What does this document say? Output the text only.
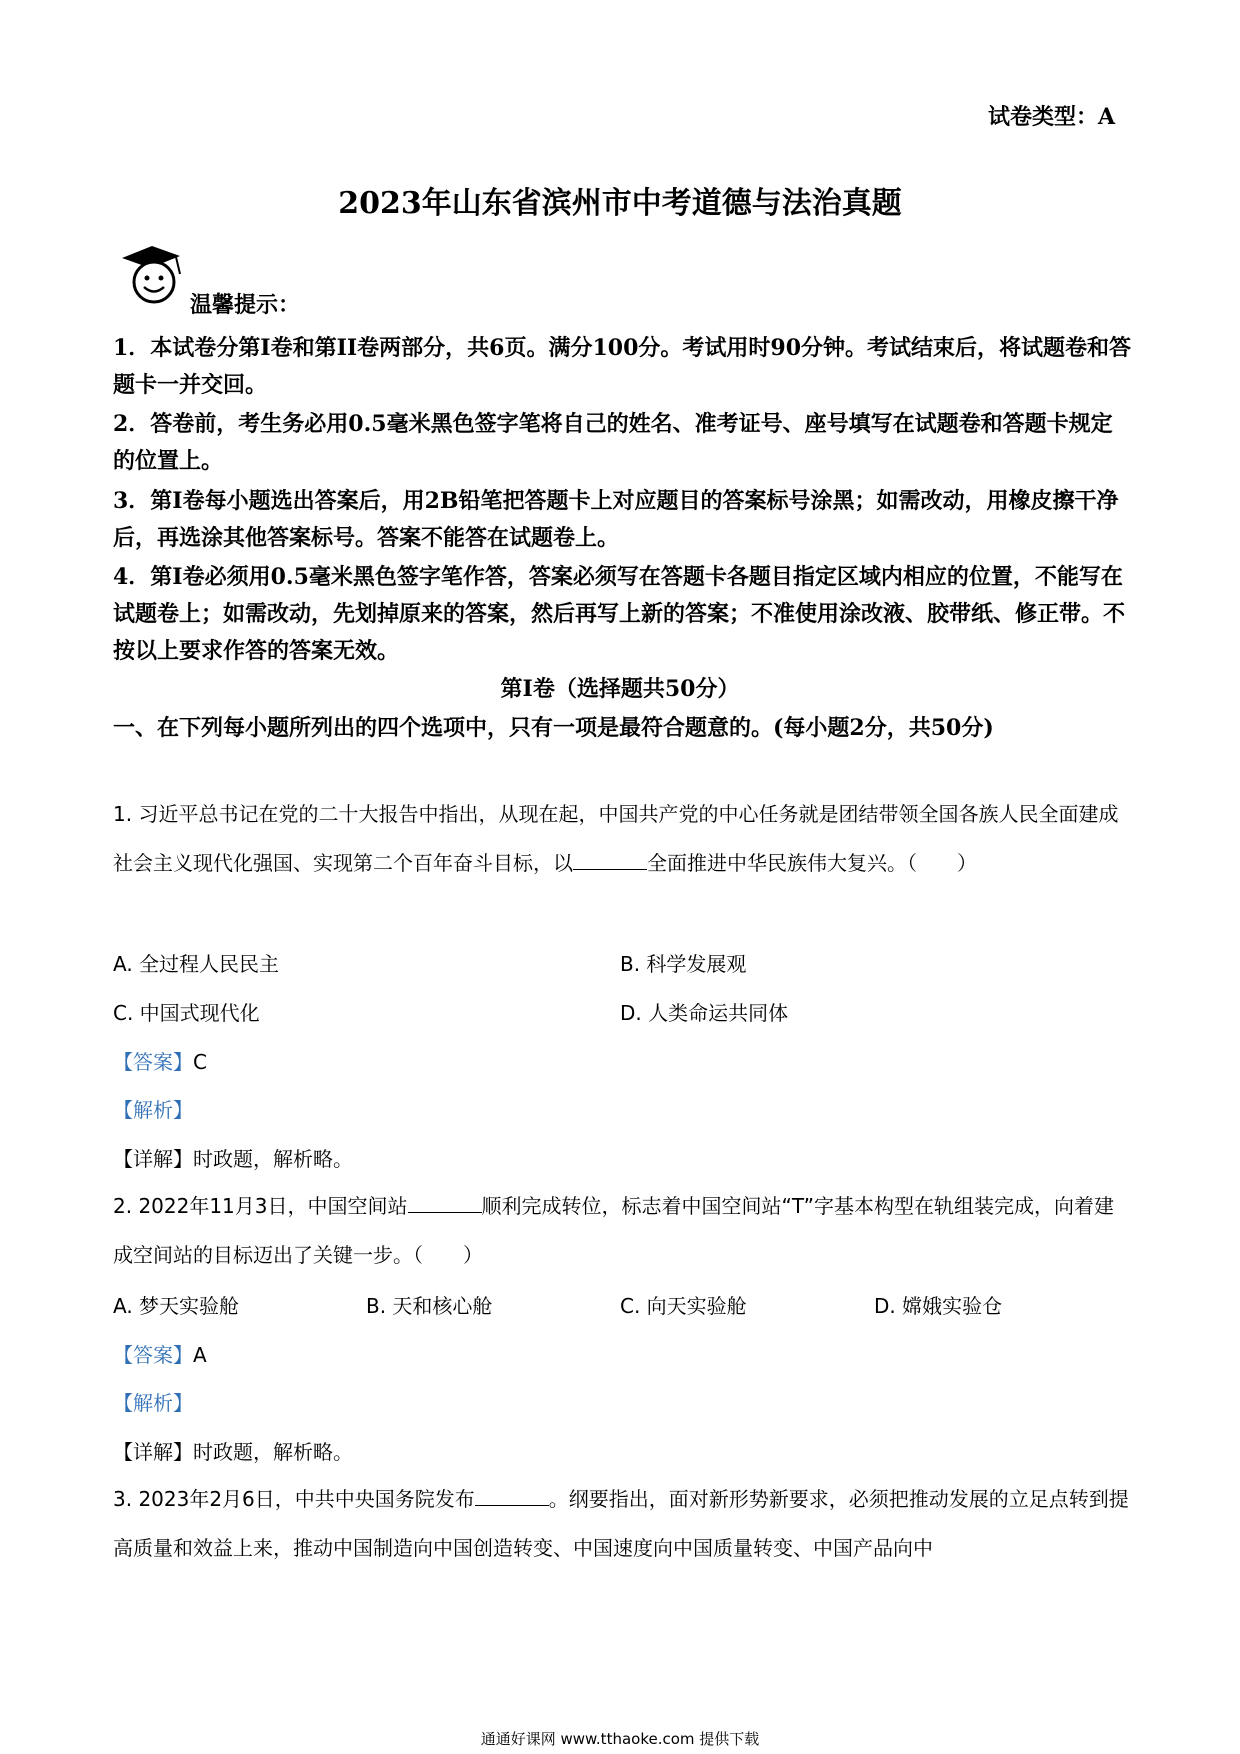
试卷类型：A
2023年山东省滨州市中考道德与法治真题
温馨提示：
1．本试卷分第I卷和第II卷两部分，共6页。满分100分。考试用时90分钟。考试结束后，将试题卷和答题卡一并交回。
2．答卷前，考生务必用0.5毫米黑色签字笔将自己的姓名、准考证号、座号填写在试题卷和答题卡规定的位置上。
3．第Ⅰ卷每小题选出答案后，用2B铅笔把答题卡上对应题目的答案标号涂黑；如需改动，用橡皮擦干净后，再选涂其他答案标号。答案不能答在试题卷上。
4．第Ⅰ卷必须用0.5毫米黑色签字笔作答，答案必须写在答题卡各题目指定区域内相应的位置，不能写在试题卷上；如需改动，先划掉原来的答案，然后再写上新的答案；不准使用涂改液、胶带纸、修正带。不按以上要求作答的答案无效。
第Ⅰ卷（选择题共50分）
一、在下列每小题所列出的四个选项中，只有一项是最符合题意的。(每小题2分，共50分)
1. 习近平总书记在党的二十大报告中指出，从现在起，中国共产党的中心任务就是团结带领全国各族人民全面建成社会主义现代化强国、实现第二个百年奋斗目标，以	全面推进中华民族伟大复兴。（　　）
A. 全过程人民民主	B. 科学发展观
C. 中国式现代化	D. 人类命运共同体
【答案】C
【解析】
【详解】时政题，解析略。
2. 2022年11月3日，中国空间站	顺利完成转位，标志着中国空间站“T”字基本构型在轨组装完成，向着建成空间站的目标迈出了关键一步。（　　）
A. 梦天实验舱	B. 天和核心舱	C. 向天实验舱	D. 嫦娥实验仓
【答案】A
【解析】
【详解】时政题，解析略。
3. 2023年2月6日，中共中央国务院发布	。纲要指出，面对新形势新要求，必须把推动发展的立足点转到提高质量和效益上来，推动中国制造向中国创造转变、中国速度向中国质量转变、中国产品向中
通通好课网 www.tthaoke.com 提供下载
